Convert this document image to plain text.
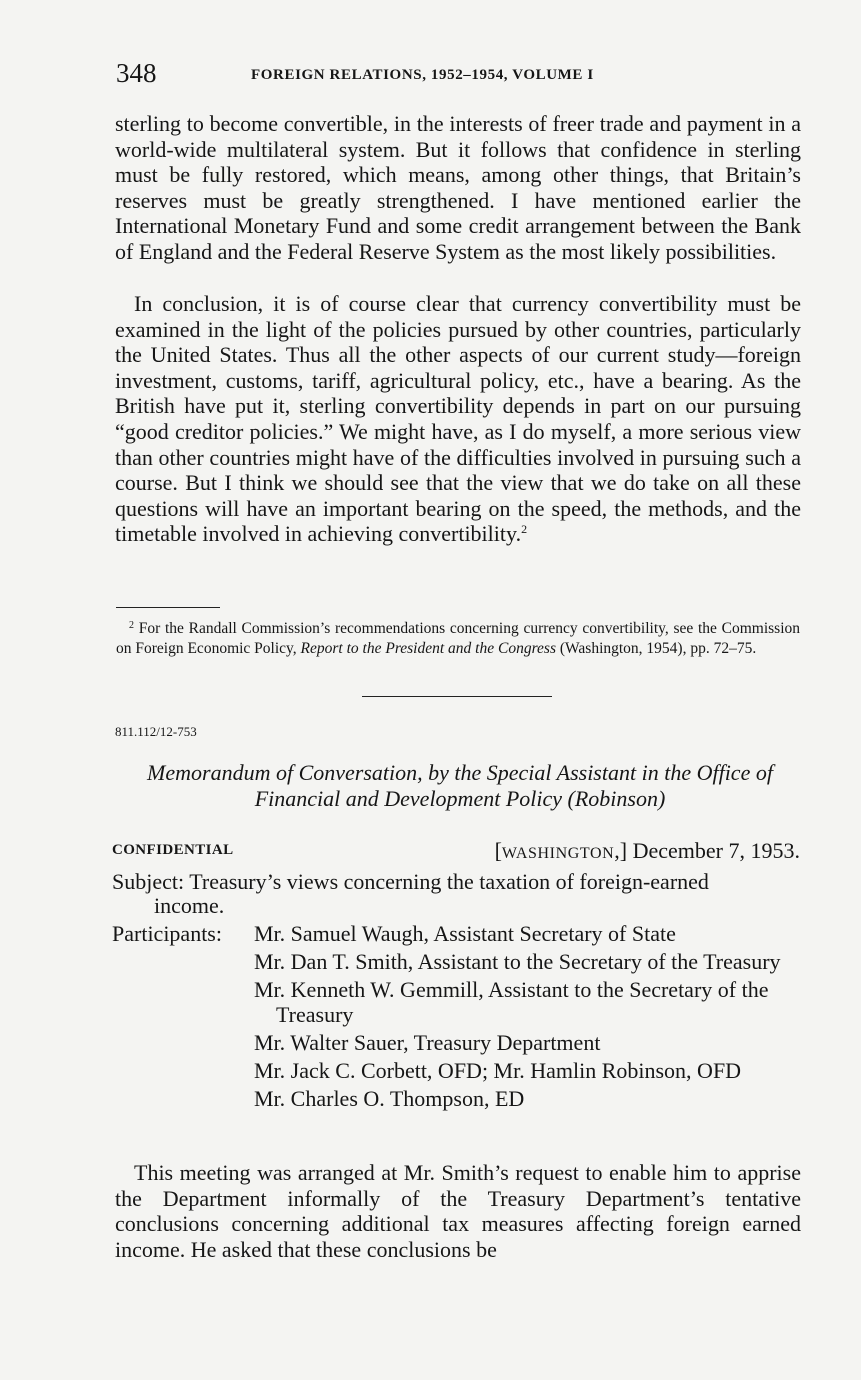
348	FOREIGN RELATIONS, 1952–1954, VOLUME I

sterling to become convertible, in the interests of freer trade and payment in a world-wide multilateral system. But it follows that confidence in sterling must be fully restored, which means, among other things, that Britain’s reserves must be greatly strengthened. I have mentioned earlier the International Monetary Fund and some credit arrangement between the Bank of England and the Federal Reserve System as the most likely possibilities.

In conclusion, it is of course clear that currency convertibility must be examined in the light of the policies pursued by other countries, particularly the United States. Thus all the other aspects of our current study—foreign investment, customs, tariff, agricultural policy, etc., have a bearing. As the British have put it, sterling convertibility depends in part on our pursuing “good creditor policies.” We might have, as I do myself, a more serious view than other countries might have of the difficulties involved in pursuing such a course. But I think we should see that the view that we do take on all these questions will have an important bearing on the speed, the methods, and the timetable involved in achieving convertibility.$^2$

$^2$ For the Randall Commission’s recommendations concerning currency convertibility, see the Commission on Foreign Economic Policy, Report to the President and the Congress (Washington, 1954), pp. 72–75.
811.112/12-753
Memorandum of Conversation, by the Special Assistant in the Office of Financial and Development Policy (Robinson)
CONFIDENTIAL	[WASHINGTON,] December 7, 1953.
Subject: Treasury’s views concerning the taxation of foreign-earned
income.
Participants: Mr. Samuel Waugh, Assistant Secretary of State
Mr. Dan T. Smith, Assistant to the Secretary of the Treasury
Mr. Kenneth W. Gemmill, Assistant to the Secretary of the Treasury
Mr. Walter Sauer, Treasury Department
Mr. Jack C. Corbett, OFD; Mr. Hamlin Robinson, OFD
Mr. Charles O. Thompson, ED

This meeting was arranged at Mr. Smith’s request to enable him to apprise the Department informally of the Treasury Department’s tentative conclusions concerning additional tax measures affecting foreign earned income. He asked that these conclusions be
